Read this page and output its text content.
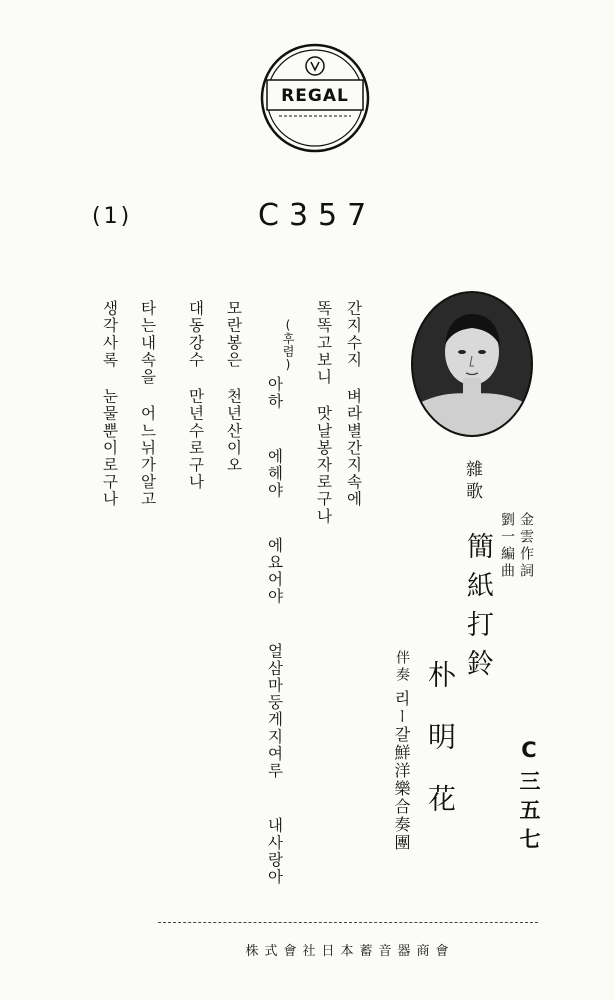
REGAL
(1)	C357
간지수지 벼라별간지속에
똑똑고보니 맛날봉자로구나
(후렴)
아하 에헤야 에요어야 얼삼마둥게지여루 내사랑아
모란봉은 천년산이오
대동강수 만년수로구나
타는내속을 어느뉘가알고
생각사록 눈물뿐이로구나	雜歌
簡紙打鈴 金雲作詞
劉一編曲
朴明花
伴奏
리ー갈鮮洋樂合奏團	C三五七
株式會社日本蓄音器商會
